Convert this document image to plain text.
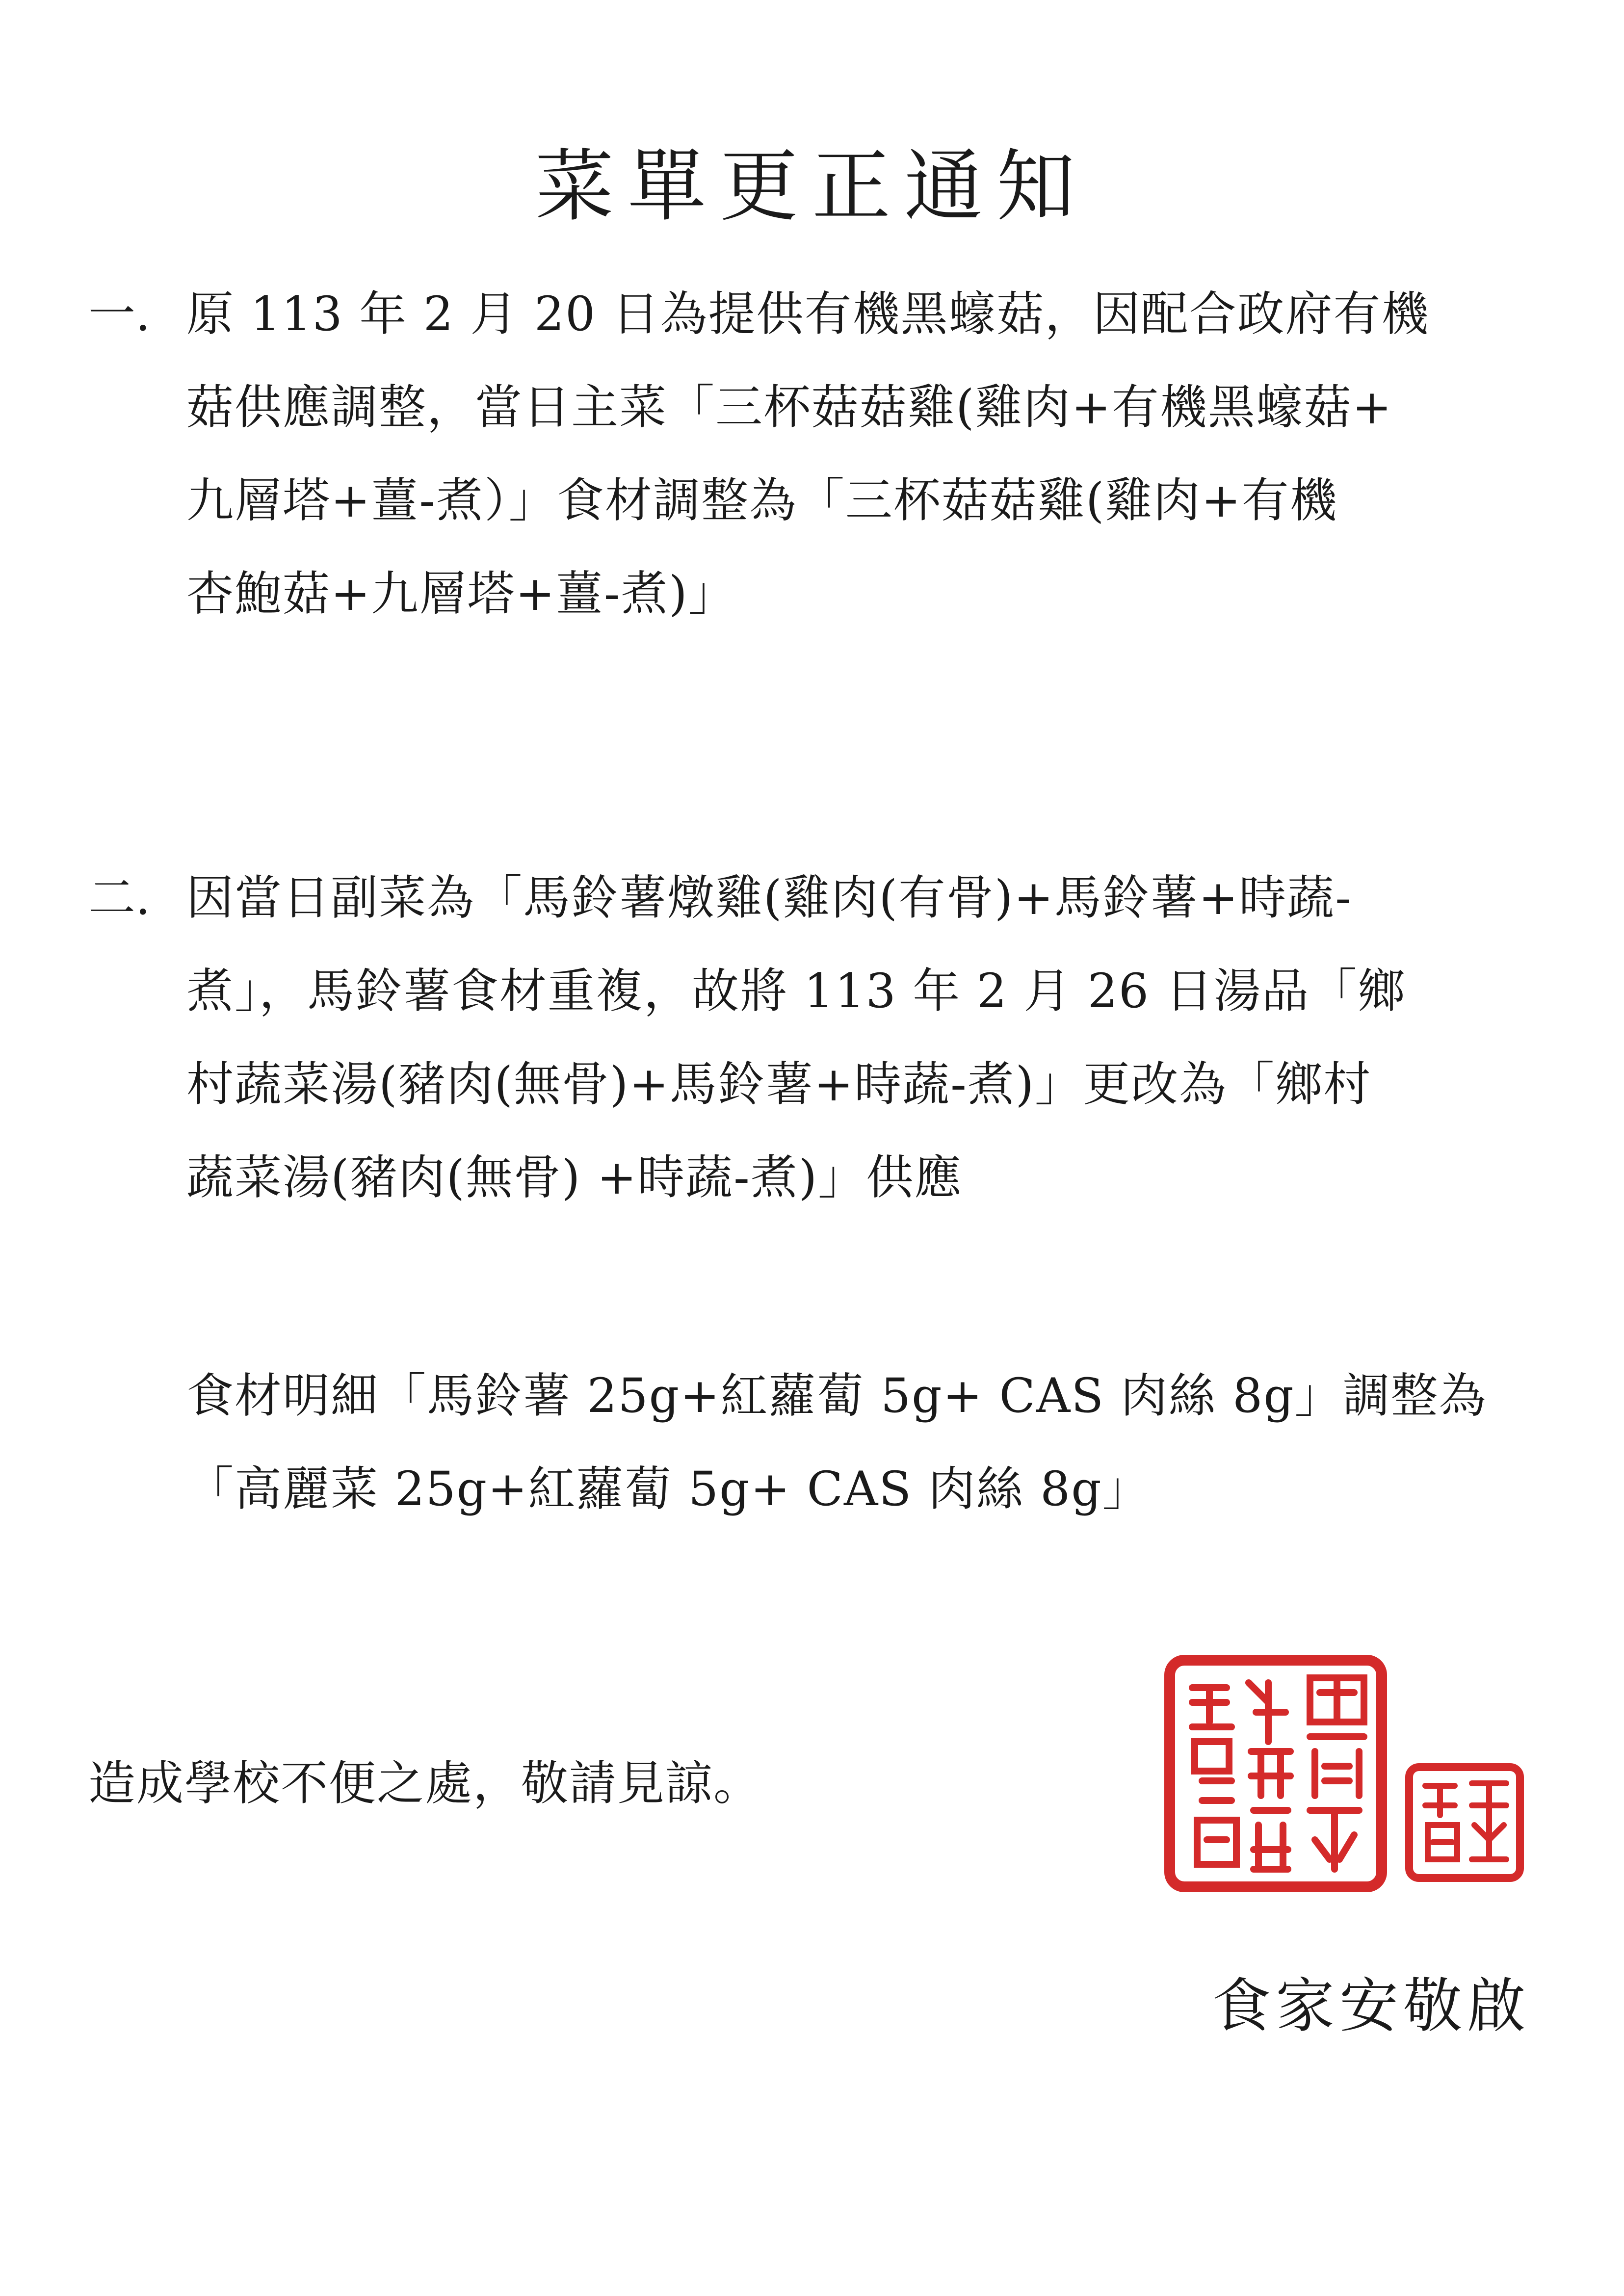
菜單更正通知
一. 原 113 年 2 月 20 日為提供有機黑蠔菇，因配合政府有機
菇供應調整，當日主菜「三杯菇菇雞(雞肉+有機黑蠔菇+
九層塔+薑-煮）」食材調整為「三杯菇菇雞(雞肉+有機
杏鮑菇+九層塔+薑-煮)」
二. 因當日副菜為「馬鈴薯燉雞(雞肉(有骨)+馬鈴薯+時蔬-
煮」，馬鈴薯食材重複，故將 113 年 2 月 26 日湯品「鄉
村蔬菜湯(豬肉(無骨)+馬鈴薯+時蔬-煮)」更改為「鄉村
蔬菜湯(豬肉(無骨) +時蔬-煮)」供應
食材明細「馬鈴薯 25g+紅蘿蔔 5g+ CAS 肉絲 8g」調整為
「高麗菜 25g+紅蘿蔔 5g+ CAS 肉絲 8g」
造成學校不便之處，敬請見諒。
食家安敬啟
